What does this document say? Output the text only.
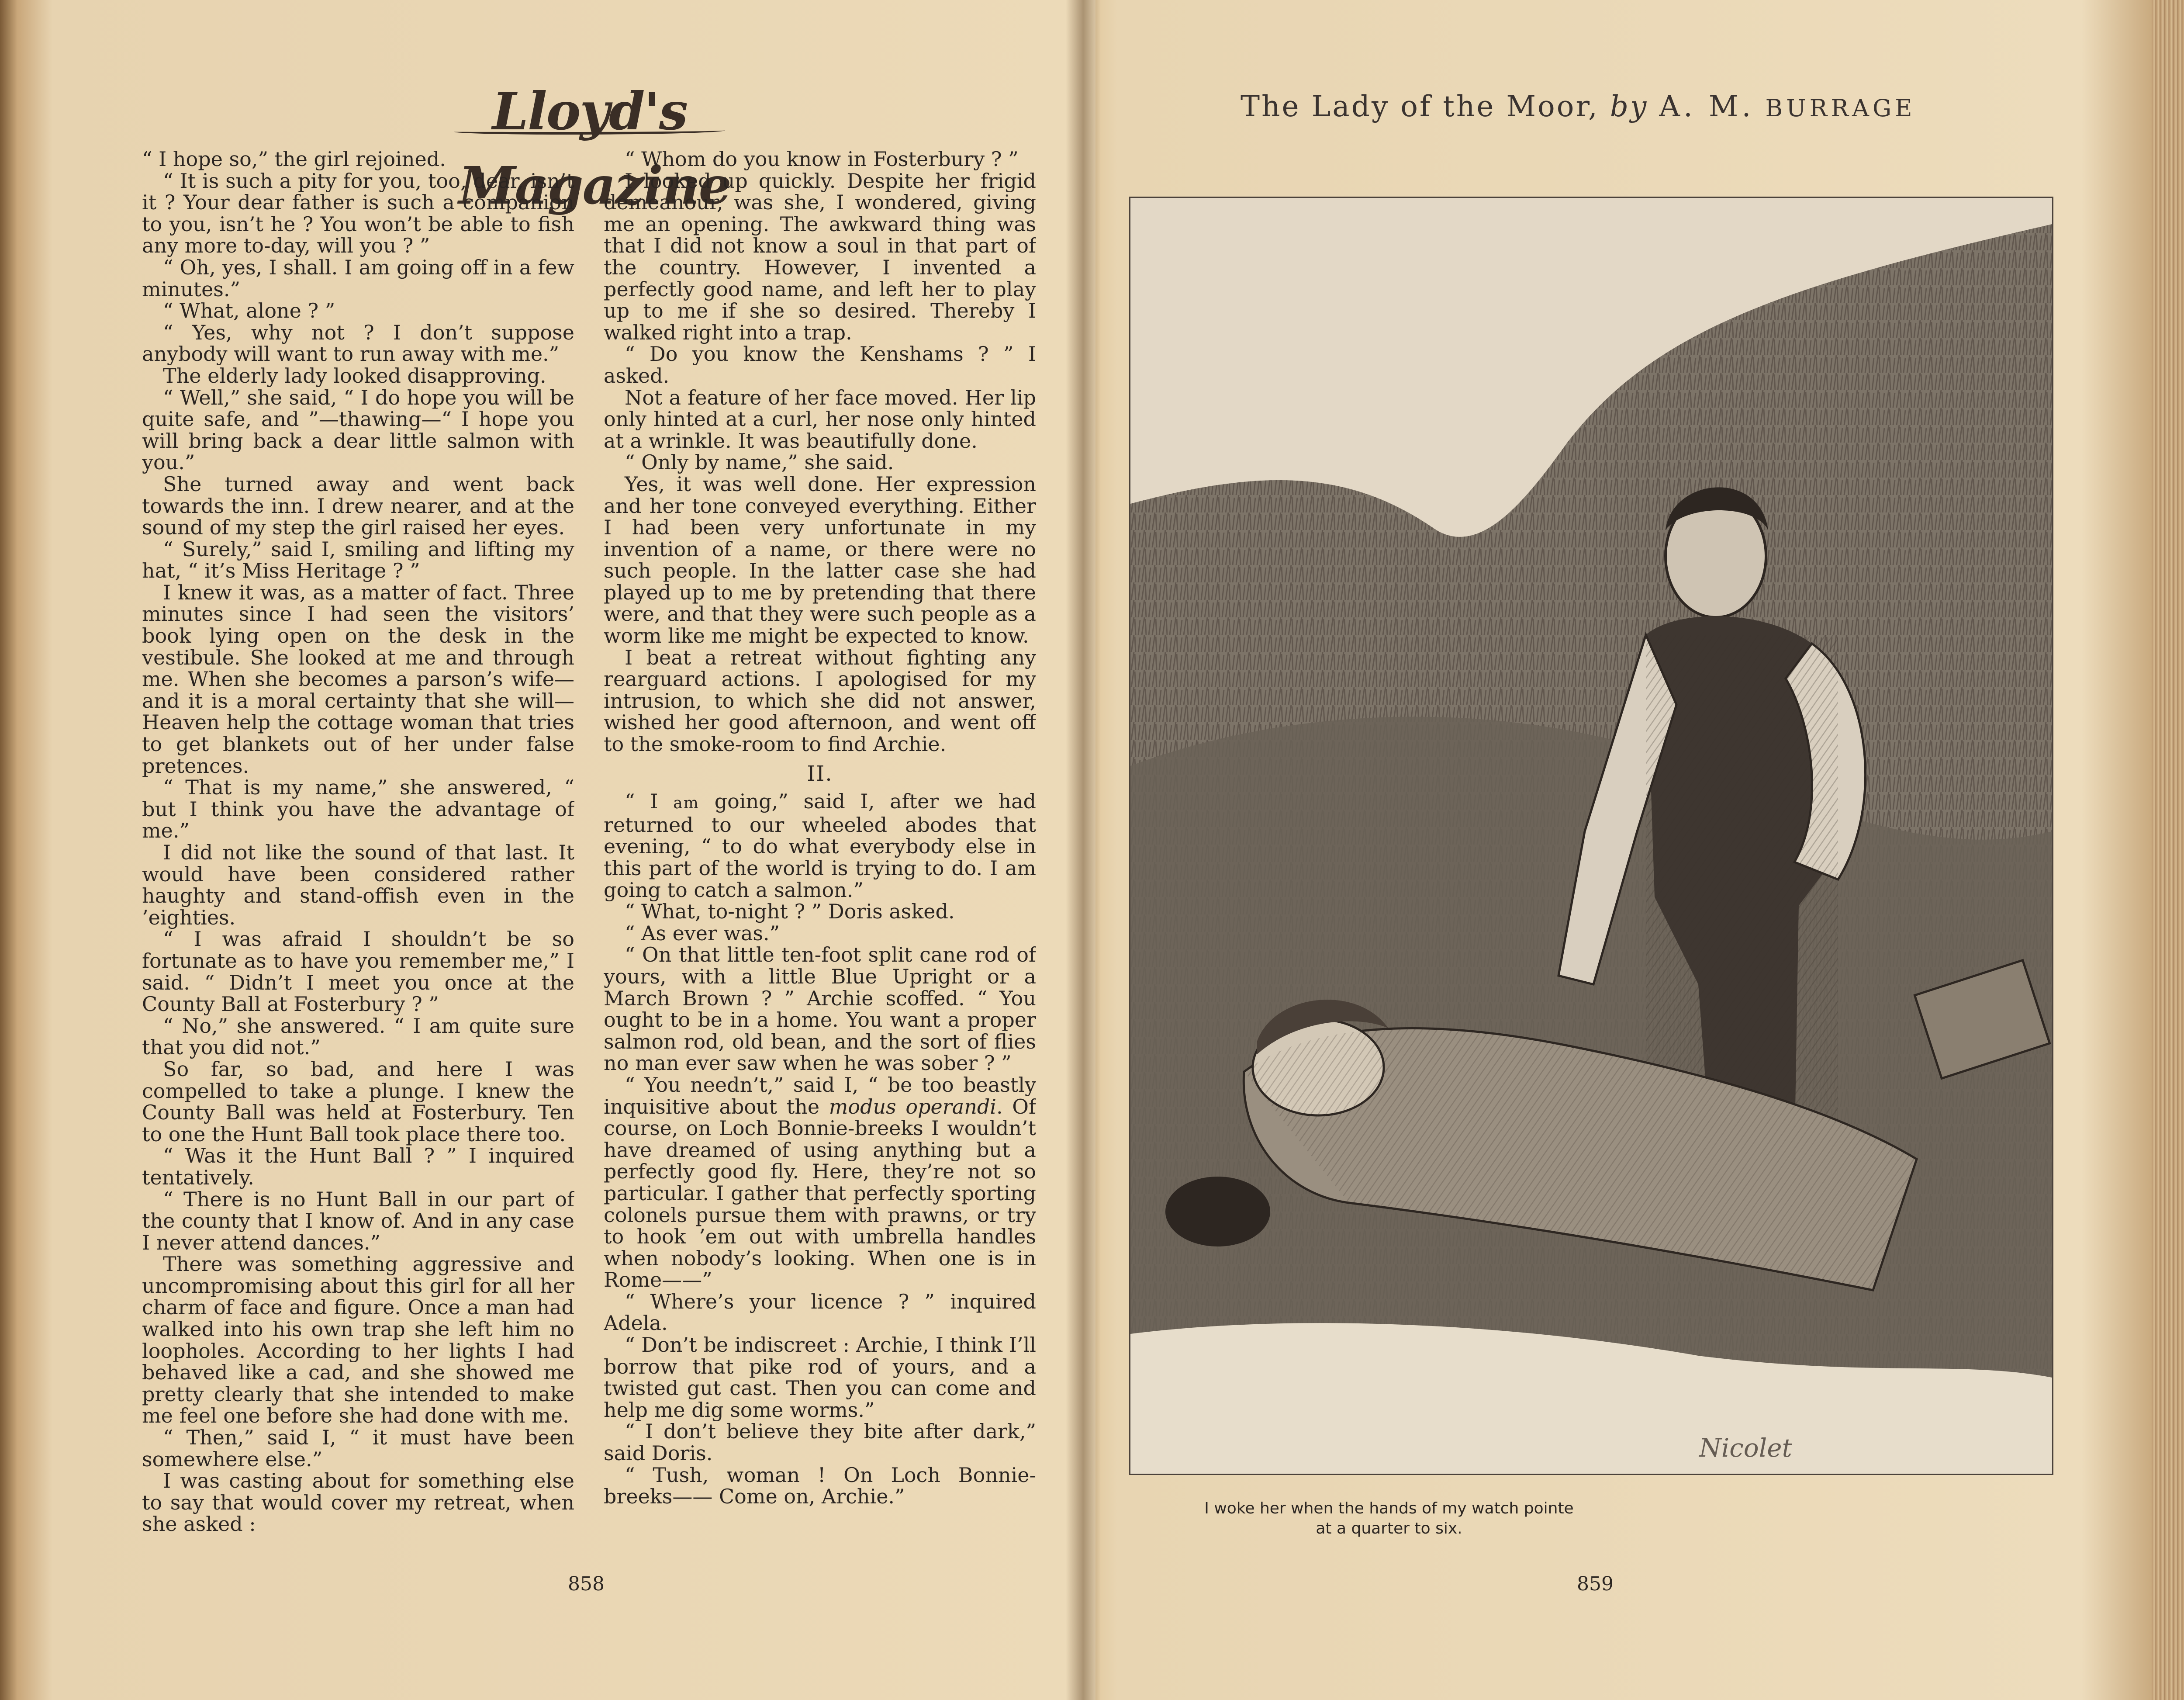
Lloyd's Magazine

“ I hope so,” the girl rejoined.

“ It is such a pity for you, too, dear, isn’t it ? Your dear father is such a companion to you, isn’t he ? You won’t be able to fish any more to-day, will you ? ”

“ Oh, yes, I shall. I am going off in a few minutes.”

“ What, alone ? ”

“ Yes, why not ? I don’t suppose anybody will want to run away with me.”

The elderly lady looked disapproving.

“ Well,” she said, “ I do hope you will be quite safe, and ”—thawing—“ I hope you will bring back a dear little salmon with you.”

She turned away and went back towards the inn. I drew nearer, and at the sound of my step the girl raised her eyes.

“ Surely,” said I, smiling and lifting my hat, “ it’s Miss Heritage ? ”

I knew it was, as a matter of fact. Three minutes since I had seen the visitors’ book lying open on the desk in the vestibule. She looked at me and through me. When she becomes a parson’s wife—and it is a moral certainty that she will—Heaven help the cottage woman that tries to get blankets out of her under false pretences.

“ That is my name,” she answered, “ but I think you have the advantage of me.”

I did not like the sound of that last. It would have been considered rather haughty and stand-offish even in the ’eighties.

“ I was afraid I shouldn’t be so fortunate as to have you remember me,” I said. “ Didn’t I meet you once at the County Ball at Fosterbury ? ”

“ No,” she answered. “ I am quite sure that you did not.”

So far, so bad, and here I was compelled to take a plunge. I knew the County Ball was held at Fosterbury. Ten to one the Hunt Ball took place there too.

“ Was it the Hunt Ball ? ” I inquired tentatively.

“ There is no Hunt Ball in our part of the county that I know of. And in any case I never attend dances.”

There was something aggressive and uncompromising about this girl for all her charm of face and figure. Once a man had walked into his own trap she left him no loopholes. According to her lights I had behaved like a cad, and she showed me pretty clearly that she intended to make me feel one before she had done with me.

“ Then,” said I, “ it must have been somewhere else.”

I was casting about for something else to say that would cover my retreat, when she asked :

“ Whom do you know in Fosterbury ? ”

I looked up quickly. Despite her frigid demeanour, was she, I wondered, giving me an opening. The awkward thing was that I did not know a soul in that part of the country. However, I invented a perfectly good name, and left her to play up to me if she so desired. Thereby I walked right into a trap.

“ Do you know the Kenshams ? ” I asked.

Not a feature of her face moved. Her lip only hinted at a curl, her nose only hinted at a wrinkle. It was beautifully done.

“ Only by name,” she said.

Yes, it was well done. Her expression and her tone conveyed everything. Either I had been very unfortunate in my invention of a name, or there were no such people. In the latter case she had played up to me by pretending that there were, and that they were such people as a worm like me might be expected to know.

I beat a retreat without fighting any rearguard actions. I apologised for my intrusion, to which she did not answer, wished her good afternoon, and went off to the smoke-room to find Archie.

II.

“ I am going,” said I, after we had returned to our wheeled abodes that evening, “ to do what everybody else in this part of the world is trying to do. I am going to catch a salmon.”

“ What, to-night ? ” Doris asked.

“ As ever was.”

“ On that little ten-foot split cane rod of yours, with a little Blue Upright or a March Brown ? ” Archie scoffed. “ You ought to be in a home. You want a proper salmon rod, old bean, and the sort of flies no man ever saw when he was sober ? ”

“ You needn’t,” said I, “ be too beastly inquisitive about the modus operandi. Of course, on Loch Bonnie-breeks I wouldn’t have dreamed of using anything but a perfectly good fly. Here, they’re not so particular. I gather that perfectly sporting colonels pursue them with prawns, or try to hook ’em out with umbrella handles when nobody’s looking. When one is in Rome——”

“ Where’s your licence ? ” inquired Adela.

“ Don’t be indiscreet : Archie, I think I’ll borrow that pike rod of yours, and a twisted gut cast. Then you can come and help me dig some worms.”

“ I don’t believe they bite after dark,” said Doris.

“ Tush, woman ! On Loch Bonnie-breeks—— Come on, Archie.”

858
The Lady of the Moor, by A. M. BURRAGE
Nicolet
I woke her when the hands of my watch pointe
at a quarter to six.
859
